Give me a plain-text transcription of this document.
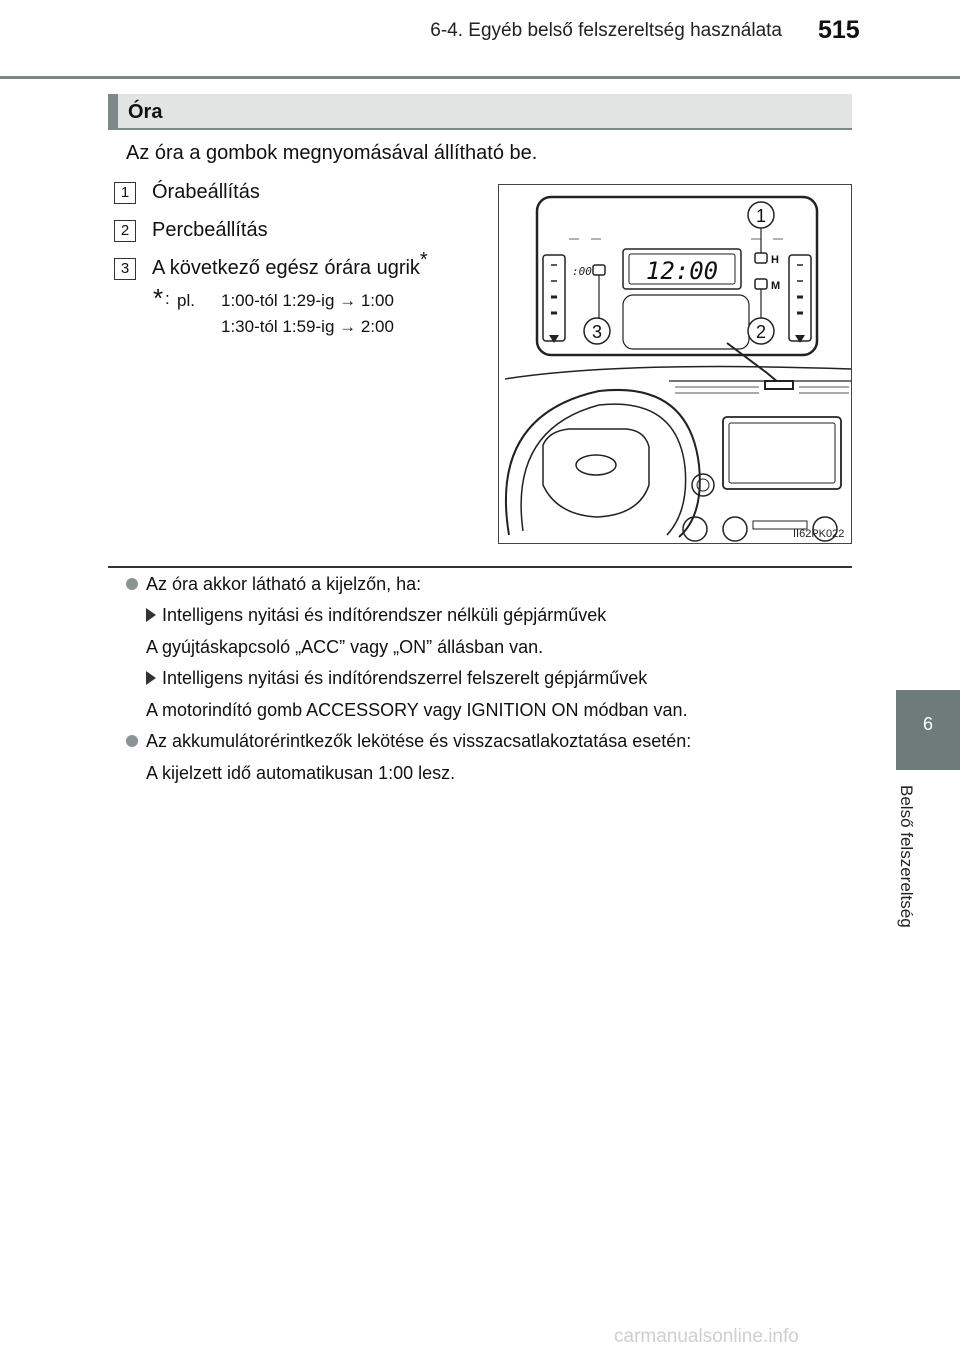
6-4. Egyéb belső felszereltség használata 515
6
Belső felszereltség
Óra
Az óra a gombok megnyomásával állítható be.
1	Órabeállítás
2	Percbeállítás
3	A következő egész órára ugrik*
* : pl. 1:00-tól 1:29-ig → 1:00
1:30-tól 1:59-ig → 2:00
12:00
:00
H
M
1
2
3
II62PK022
Az óra akkor látható a kijelzőn, ha:
Intelligens nyitási és indítórendszer nélküli gépjárművek
A gyújtáskapcsoló „ACC” vagy „ON” állásban van.
Intelligens nyitási és indítórendszerrel felszerelt gépjárművek
A motorindító gomb ACCESSORY vagy IGNITION ON módban van.
Az akkumulátorérintkezők lekötése és visszacsatlakoztatása esetén:
A kijelzett idő automatikusan 1:00 lesz.
carmanualsonline.info
